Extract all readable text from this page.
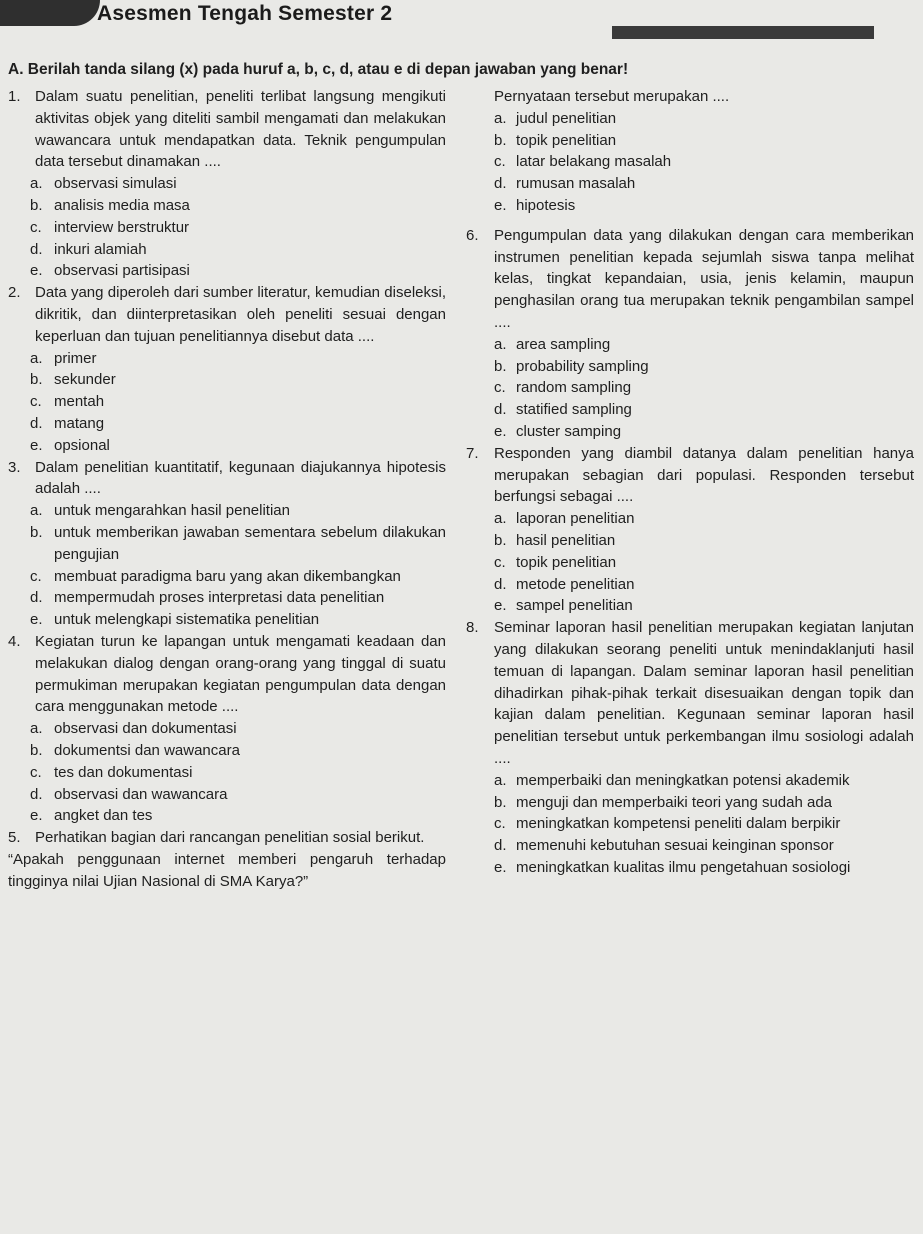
Asesmen Tengah Semester 2
A. Berilah tanda silang (x) pada huruf a, b, c, d, atau e di depan jawaban yang benar!
1. Dalam suatu penelitian, peneliti terlibat langsung mengikuti aktivitas objek yang diteliti sambil mengamati dan melakukan wawancara untuk mendapatkan data. Teknik pengumpulan data tersebut dinamakan ....
a. observasi simulasi
b. analisis media masa
c. interview berstruktur
d. inkuri alamiah
e. observasi partisipasi
2. Data yang diperoleh dari sumber literatur, kemudian diseleksi, dikritik, dan diinterpretasikan oleh peneliti sesuai dengan keperluan dan tujuan penelitiannya disebut data ....
a. primer
b. sekunder
c. mentah
d. matang
e. opsional
3. Dalam penelitian kuantitatif, kegunaan diajukannya hipotesis adalah ....
a. untuk mengarahkan hasil penelitian
b. untuk memberikan jawaban sementara sebelum dilakukan pengujian
c. membuat paradigma baru yang akan dikembangkan
d. mempermudah proses interpretasi data penelitian
e. untuk melengkapi sistematika penelitian
4. Kegiatan turun ke lapangan untuk mengamati keadaan dan melakukan dialog dengan orang-orang yang tinggal di suatu permukiman merupakan kegiatan pengumpulan data dengan cara menggunakan metode ....
a. observasi dan dokumentasi
b. dokumentsi dan wawancara
c. tes dan dokumentasi
d. observasi dan wawancara
e. angket dan tes
5. Perhatikan bagian dari rancangan penelitian sosial berikut.
“Apakah penggunaan internet memberi pengaruh terhadap tingginya nilai Ujian Nasional di SMA Karya?”
Pernyataan tersebut merupakan ....
a. judul penelitian
b. topik penelitian
c. latar belakang masalah
d. rumusan masalah
e. hipotesis
6. Pengumpulan data yang dilakukan dengan cara memberikan instrumen penelitian kepada sejumlah siswa tanpa melihat kelas, tingkat kepandaian, usia, jenis kelamin, maupun penghasilan orang tua merupakan teknik pengambilan sampel ....
a. area sampling
b. probability sampling
c. random sampling
d. statified sampling
e. cluster samping
7. Responden yang diambil datanya dalam penelitian hanya merupakan sebagian dari populasi. Responden tersebut berfungsi sebagai ....
a. laporan penelitian
b. hasil penelitian
c. topik penelitian
d. metode penelitian
e. sampel penelitian
8. Seminar laporan hasil penelitian merupakan kegiatan lanjutan yang dilakukan seorang peneliti untuk menindaklanjuti hasil temuan di lapangan. Dalam seminar laporan hasil penelitian dihadirkan pihak-pihak terkait disesuaikan dengan topik dan kajian dalam penelitian. Kegunaan seminar laporan hasil penelitian tersebut untuk perkembangan ilmu sosiologi adalah ....
a. memperbaiki dan meningkatkan potensi akademik
b. menguji dan memperbaiki teori yang sudah ada
c. meningkatkan kompetensi peneliti dalam berpikir
d. memenuhi kebutuhan sesuai keinginan sponsor
e. meningkatkan kualitas ilmu pengetahuan sosiologi
